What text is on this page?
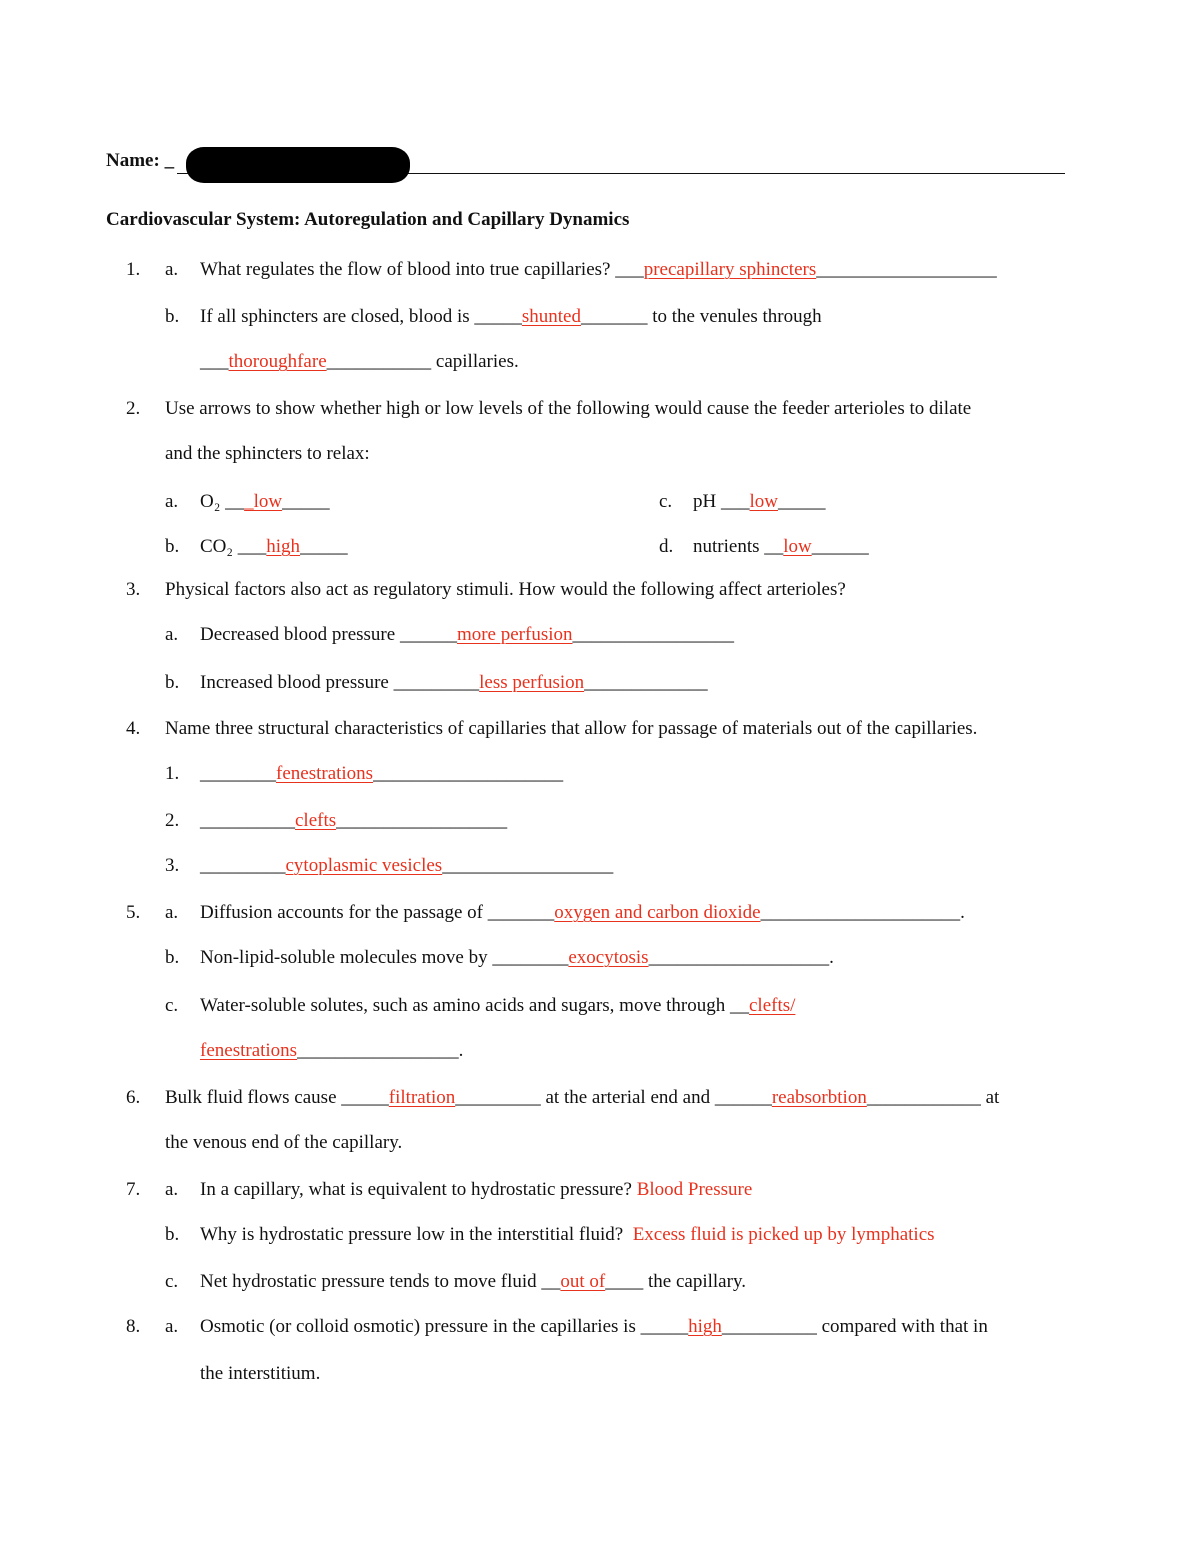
Name: _
Cardiovascular System: Autoregulation and Capillary Dynamics
1. a. What regulates the flow of blood into true capillaries? ___precapillary sphincters___________________
b. If all sphincters are closed, blood is _____shunted_______ to the venules through
___thoroughfare___________ capillaries.
2. Use arrows to show whether high or low levels of the following would cause the feeder arterioles to dilate
and the sphincters to relax:
a. O₂ ___low_____	c. pH ___low_____
b. CO₂ ___high_____	d. nutrients __low______
3. Physical factors also act as regulatory stimuli. How would the following affect arterioles?
a. Decreased blood pressure ______more perfusion_________________
b. Increased blood pressure _________less perfusion_____________
4. Name three structural characteristics of capillaries that allow for passage of materials out of the capillaries.
1. ________fenestrations____________________
2. __________clefts__________________
3. _________cytoplasmic vesicles__________________
5. a. Diffusion accounts for the passage of _______oxygen and carbon dioxide_____________________.
b. Non-lipid-soluble molecules move by ________exocytosis___________________.
c. Water-soluble solutes, such as amino acids and sugars, move through __clefts/
fenestrations_________________.
6. Bulk fluid flows cause _____filtration_________ at the arterial end and ______reabsorbtion____________ at
the venous end of the capillary.
7. a. In a capillary, what is equivalent to hydrostatic pressure? Blood Pressure
b. Why is hydrostatic pressure low in the interstitial fluid? Excess fluid is picked up by lymphatics
c. Net hydrostatic pressure tends to move fluid __out of____ the capillary.
8. a. Osmotic (or colloid osmotic) pressure in the capillaries is _____high__________ compared with that in
the interstitium.
